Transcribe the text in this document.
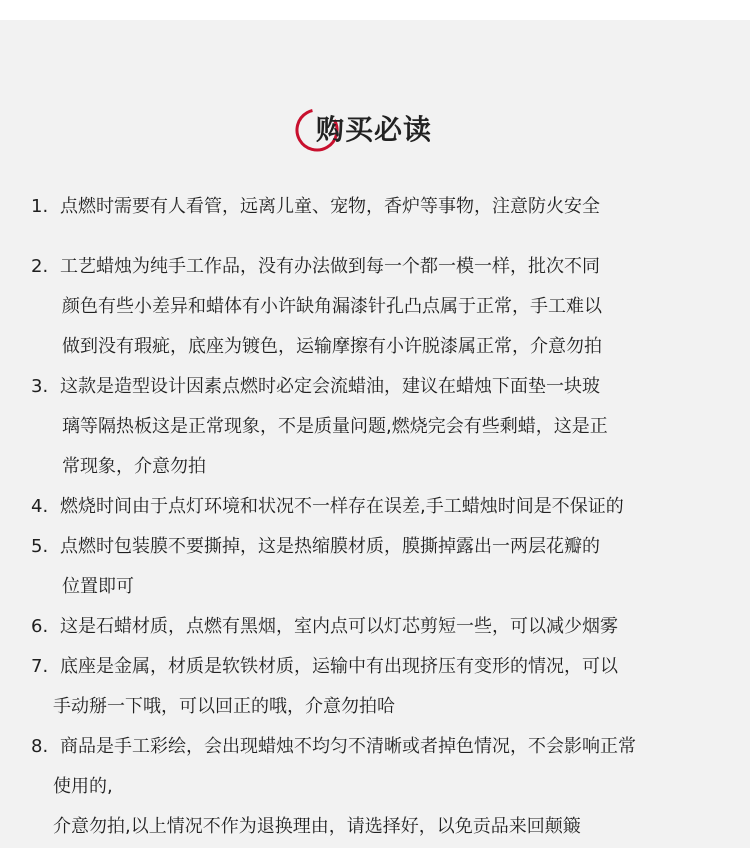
购买必读
1. 点燃时需要有人看管，远离儿童、宠物，香炉等事物，注意防火安全
2. 工艺蜡烛为纯手工作品，没有办法做到每一个都一模一样，批次不同
颜色有些小差异和蜡体有小许缺角漏漆针孔凸点属于正常，手工难以
做到没有瑕疵，底座为镀色，运输摩擦有小许脱漆属正常，介意勿拍
3. 这款是造型设计因素点燃时必定会流蜡油，建议在蜡烛下面垫一块玻
璃等隔热板这是正常现象，不是质量问题,燃烧完会有些剩蜡，这是正
常现象，介意勿拍
4. 燃烧时间由于点灯环境和状况不一样存在误差,手工蜡烛时间是不保证的
5. 点燃时包装膜不要撕掉，这是热缩膜材质，膜撕掉露出一两层花瓣的
位置即可
6. 这是石蜡材质，点燃有黑烟，室内点可以灯芯剪短一些，可以减少烟雾
7. 底座是金属，材质是软铁材质，运输中有出现挤压有变形的情况，可以
手动掰一下哦，可以回正的哦，介意勿拍哈
8. 商品是手工彩绘，会出现蜡烛不均匀不清晰或者掉色情况，不会影响正常
使用的,
介意勿拍,以上情况不作为退换理由，请选择好，以免贡品来回颠簸
